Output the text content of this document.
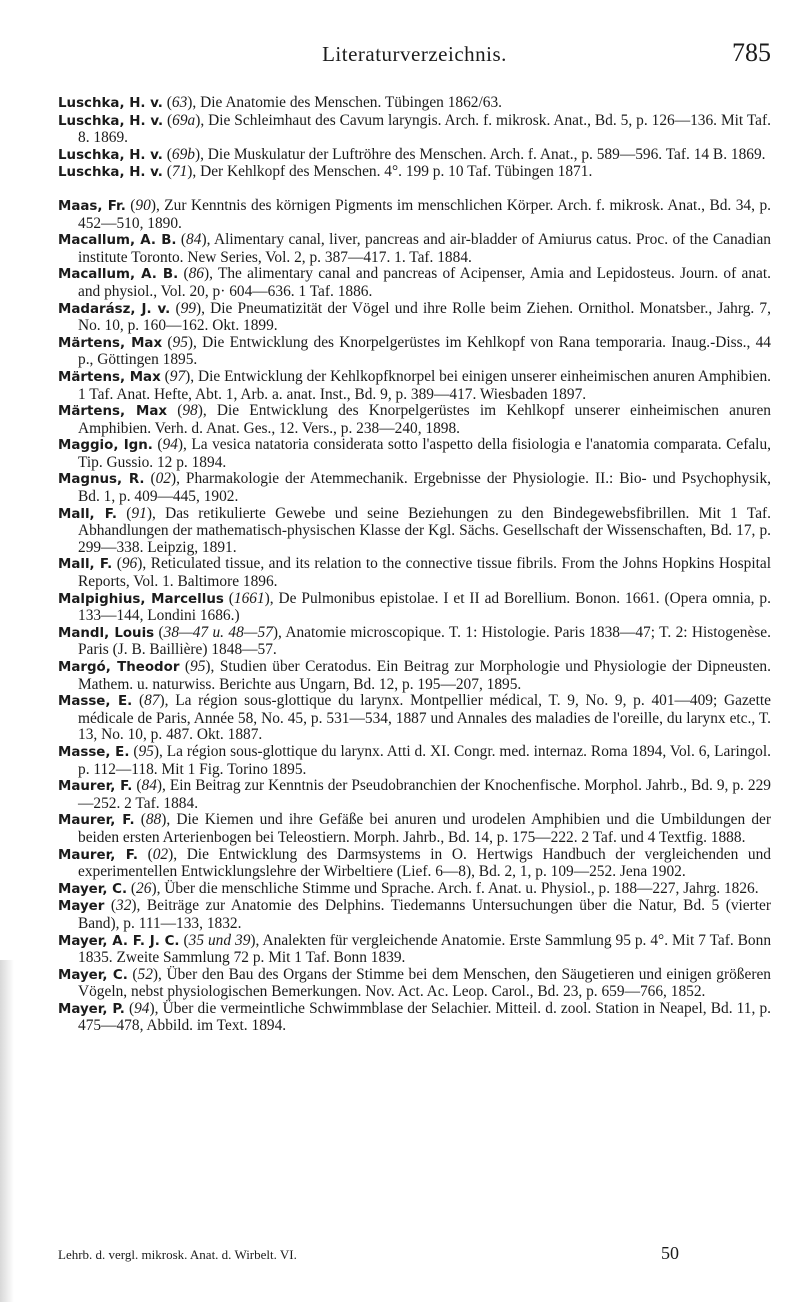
Literaturverzeichnis.	785

Luschka, H. v. (63), Die Anatomie des Menschen. Tübingen 1862/63.

Luschka, H. v. (69a), Die Schleimhaut des Cavum laryngis. Arch. f. mikrosk. Anat., Bd. 5, p. 126—136. Mit Taf. 8. 1869.

Luschka, H. v. (69b), Die Muskulatur der Luftröhre des Menschen. Arch. f. Anat., p. 589—596. Taf. 14 B. 1869.

Luschka, H. v. (71), Der Kehlkopf des Menschen. 4°. 199 p. 10 Taf. Tübingen 1871.

Maas, Fr. (90), Zur Kenntnis des körnigen Pigments im menschlichen Körper. Arch. f. mikrosk. Anat., Bd. 34, p. 452—510, 1890.

Macallum, A. B. (84), Alimentary canal, liver, pancreas and air-bladder of Amiurus catus. Proc. of the Canadian institute Toronto. New Series, Vol. 2, p. 387—417. 1. Taf. 1884.

Macallum, A. B. (86), The alimentary canal and pancreas of Acipenser, Amia and Lepidosteus. Journ. of anat. and physiol., Vol. 20, p· 604—636. 1 Taf. 1886.

Madarász, J. v. (99), Die Pneumatizität der Vögel und ihre Rolle beim Ziehen. Ornithol. Monatsber., Jahrg. 7, No. 10, p. 160—162. Okt. 1899.

Märtens, Max (95), Die Entwicklung des Knorpelgerüstes im Kehlkopf von Rana temporaria. Inaug.-Diss., 44 p., Göttingen 1895.

Märtens, Max (97), Die Entwicklung der Kehlkopfknorpel bei einigen unserer einheimischen anuren Amphibien. 1 Taf. Anat. Hefte, Abt. 1, Arb. a. anat. Inst., Bd. 9, p. 389—417. Wiesbaden 1897.

Märtens, Max (98), Die Entwicklung des Knorpelgerüstes im Kehlkopf unserer einheimischen anuren Amphibien. Verh. d. Anat. Ges., 12. Vers., p. 238—240, 1898.

Maggio, Ign. (94), La vesica natatoria considerata sotto l'aspetto della fisiologia e l'anatomia comparata. Cefalu, Tip. Gussio. 12 p. 1894.

Magnus, R. (02), Pharmakologie der Atemmechanik. Ergebnisse der Physiologie. II.: Bio- und Psychophysik, Bd. 1, p. 409—445, 1902.

Mall, F. (91), Das retikulierte Gewebe und seine Beziehungen zu den Bindegewebsfibrillen. Mit 1 Taf. Abhandlungen der mathematisch-physischen Klasse der Kgl. Sächs. Gesellschaft der Wissenschaften, Bd. 17, p. 299—338. Leipzig, 1891.

Mall, F. (96), Reticulated tissue, and its relation to the connective tissue fibrils. From the Johns Hopkins Hospital Reports, Vol. 1. Baltimore 1896.

Malpighius, Marcellus (1661), De Pulmonibus epistolae. I et II ad Borellium. Bonon. 1661. (Opera omnia, p. 133—144, Londini 1686.)

Mandl, Louis (38—47 u. 48—57), Anatomie microscopique. T. 1: Histologie. Paris 1838—47; T. 2: Histogenèse. Paris (J. B. Baillière) 1848—57.

Margó, Theodor (95), Studien über Ceratodus. Ein Beitrag zur Morphologie und Physiologie der Dipneusten. Mathem. u. naturwiss. Berichte aus Ungarn, Bd. 12, p. 195—207, 1895.

Masse, E. (87), La région sous-glottique du larynx. Montpellier médical, T. 9, No. 9, p. 401—409; Gazette médicale de Paris, Année 58, No. 45, p. 531—534, 1887 und Annales des maladies de l'oreille, du larynx etc., T. 13, No. 10, p. 487. Okt. 1887.

Masse, E. (95), La région sous-glottique du larynx. Atti d. XI. Congr. med. internaz. Roma 1894, Vol. 6, Laringol. p. 112—118. Mit 1 Fig. Torino 1895.

Maurer, F. (84), Ein Beitrag zur Kenntnis der Pseudobranchien der Knochenfische. Morphol. Jahrb., Bd. 9, p. 229—252. 2 Taf. 1884.

Maurer, F. (88), Die Kiemen und ihre Gefäße bei anuren und urodelen Amphibien und die Umbildungen der beiden ersten Arterienbogen bei Teleostiern. Morph. Jahrb., Bd. 14, p. 175—222. 2 Taf. und 4 Textfig. 1888.

Maurer, F. (02), Die Entwicklung des Darmsystems in O. Hertwigs Handbuch der vergleichenden und experimentellen Entwicklungslehre der Wirbeltiere (Lief. 6—8), Bd. 2, 1, p. 109—252. Jena 1902.

Mayer, C. (26), Über die menschliche Stimme und Sprache. Arch. f. Anat. u. Physiol., p. 188—227, Jahrg. 1826.

Mayer (32), Beiträge zur Anatomie des Delphins. Tiedemanns Untersuchungen über die Natur, Bd. 5 (vierter Band), p. 111—133, 1832.

Mayer, A. F. J. C. (35 und 39), Analekten für vergleichende Anatomie. Erste Sammlung 95 p. 4°. Mit 7 Taf. Bonn 1835. Zweite Sammlung 72 p. Mit 1 Taf. Bonn 1839.

Mayer, C. (52), Über den Bau des Organs der Stimme bei dem Menschen, den Säugetieren und einigen größeren Vögeln, nebst physiologischen Bemerkungen. Nov. Act. Ac. Leop. Carol., Bd. 23, p. 659—766, 1852.

Mayer, P. (94), Über die vermeintliche Schwimmblase der Selachier. Mitteil. d. zool. Station in Neapel, Bd. 11, p. 475—478, Abbild. im Text. 1894.

Lehrb. d. vergl. mikrosk. Anat. d. Wirbelt. VI.	50
